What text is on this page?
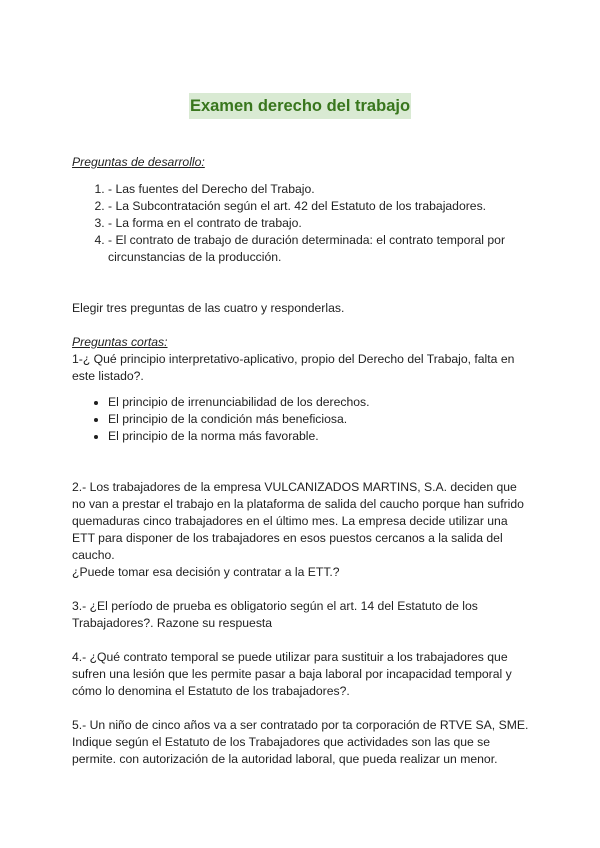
Examen derecho del trabajo

Preguntas de desarrollo:

1. - Las fuentes del Derecho del Trabajo.
2. - La Subcontratación según el art. 42 del Estatuto de los trabajadores.
3. - La forma en el contrato de trabajo.
4. - El contrato de trabajo de duración determinada: el contrato temporal por circunstancias de la producción.

Elegir tres preguntas de las cuatro y responderlas.

Preguntas cortas:

1-¿ Qué principio interpretativo-aplicativo, propio del Derecho del Trabajo, falta en este listado?.

• El principio de irrenunciabilidad de los derechos.
• El principio de la condición más beneficiosa.
• El principio de la norma más favorable.

2.- Los trabajadores de la empresa VULCANIZADOS MARTINS, S.A. deciden que no van a prestar el trabajo en la plataforma de salida del caucho porque han sufrido quemaduras cinco trabajadores en el último mes. La empresa decide utilizar una ETT para disponer de los trabajadores en esos puestos cercanos a la salida del caucho.

¿Puede tomar esa decisión y contratar a la ETT.?

3.- ¿El período de prueba es obligatorio según el art. 14 del Estatuto de los Trabajadores?. Razone su respuesta

4.- ¿Qué contrato temporal se puede utilizar para sustituir a los trabajadores que sufren una lesión que les permite pasar a baja laboral por incapacidad temporal y cómo lo denomina el Estatuto de los trabajadores?.

5.- Un niño de cinco años va a ser contratado por ta corporación de RTVE SA, SME. Indique según el Estatuto de los Trabajadores que actividades son las que se permite. con autorización de la autoridad laboral, que pueda realizar un menor.
